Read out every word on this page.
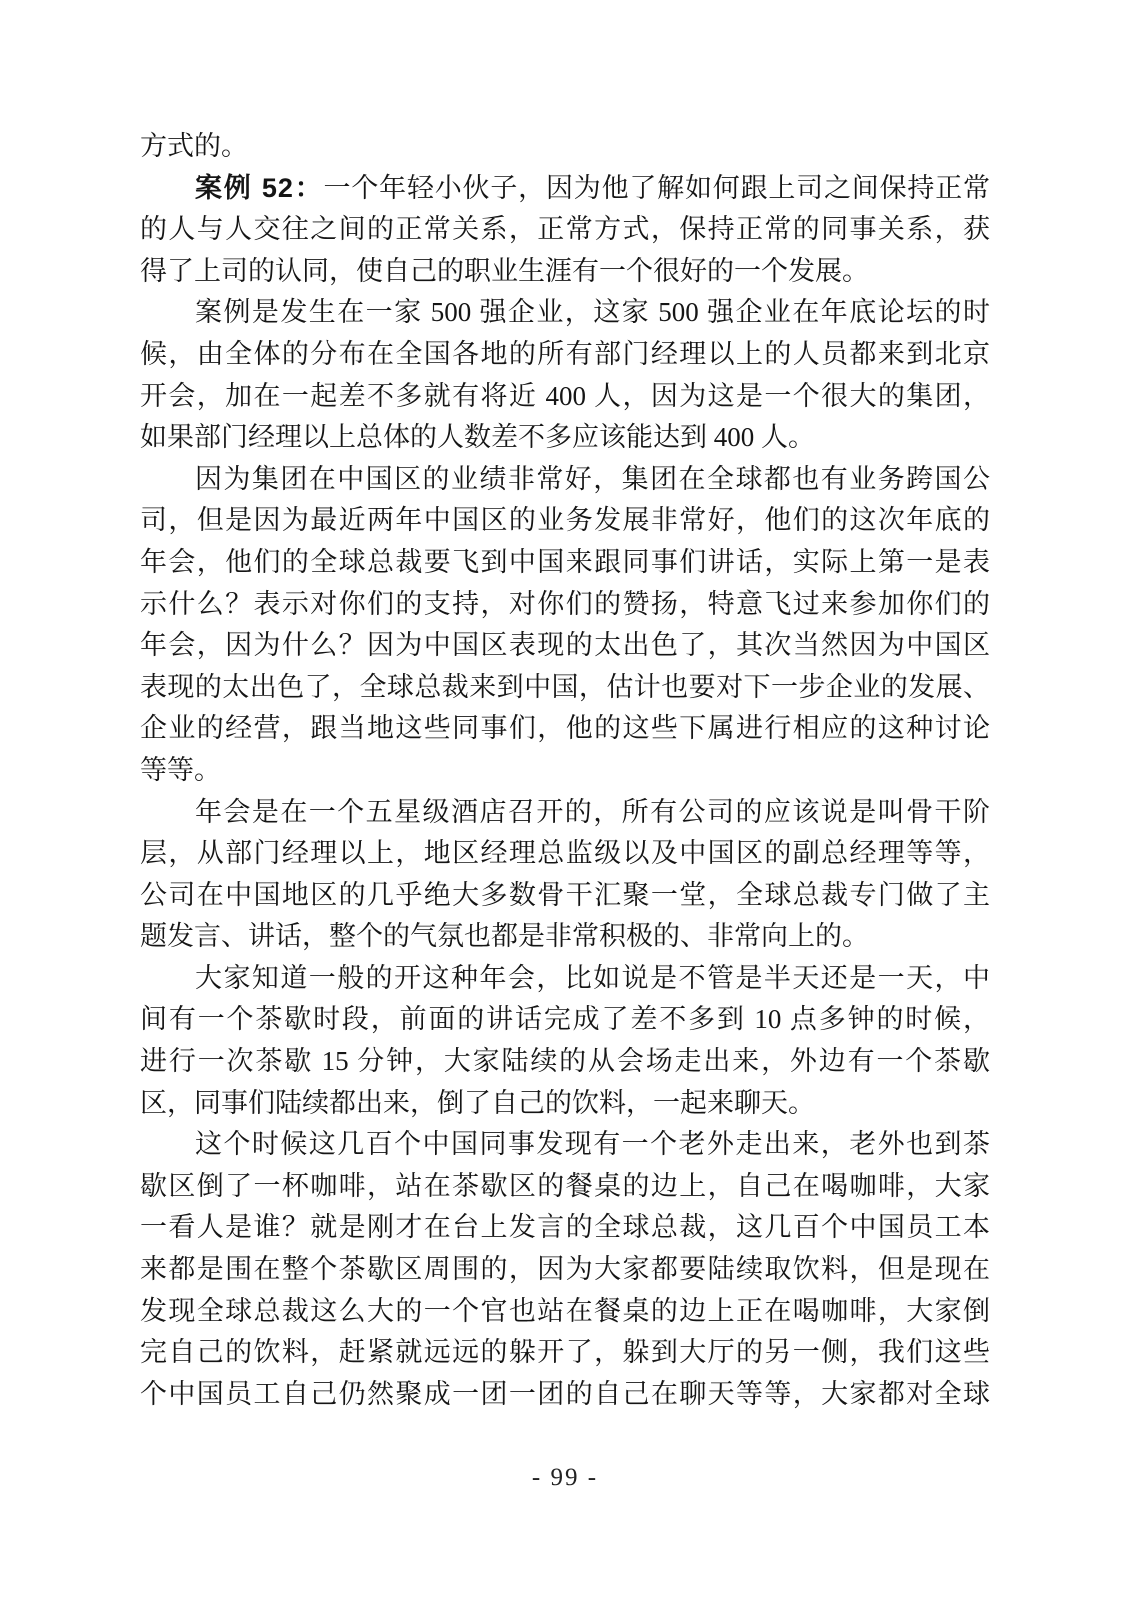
方式的。
案例 52：一个年轻小伙子，因为他了解如何跟上司之间保持正常
的人与人交往之间的正常关系，正常方式，保持正常的同事关系，获
得了上司的认同，使自己的职业生涯有一个很好的一个发展。
案例是发生在一家 500 强企业，这家 500 强企业在年底论坛的时
候，由全体的分布在全国各地的所有部门经理以上的人员都来到北京
开会，加在一起差不多就有将近 400 人，因为这是一个很大的集团，
如果部门经理以上总体的人数差不多应该能达到 400 人。
因为集团在中国区的业绩非常好，集团在全球都也有业务跨国公
司，但是因为最近两年中国区的业务发展非常好，他们的这次年底的
年会，他们的全球总裁要飞到中国来跟同事们讲话，实际上第一是表
示什么？表示对你们的支持，对你们的赞扬，特意飞过来参加你们的
年会，因为什么？因为中国区表现的太出色了，其次当然因为中国区
表现的太出色了，全球总裁来到中国，估计也要对下一步企业的发展、
企业的经营，跟当地这些同事们，他的这些下属进行相应的这种讨论
等等。
年会是在一个五星级酒店召开的，所有公司的应该说是叫骨干阶
层，从部门经理以上，地区经理总监级以及中国区的副总经理等等，
公司在中国地区的几乎绝大多数骨干汇聚一堂，全球总裁专门做了主
题发言、讲话，整个的气氛也都是非常积极的、非常向上的。
大家知道一般的开这种年会，比如说是不管是半天还是一天，中
间有一个茶歇时段，前面的讲话完成了差不多到 10 点多钟的时候，
进行一次茶歇 15 分钟，大家陆续的从会场走出来，外边有一个茶歇
区，同事们陆续都出来，倒了自己的饮料，一起来聊天。
这个时候这几百个中国同事发现有一个老外走出来，老外也到茶
歇区倒了一杯咖啡，站在茶歇区的餐桌的边上，自己在喝咖啡，大家
一看人是谁？就是刚才在台上发言的全球总裁，这几百个中国员工本
来都是围在整个茶歇区周围的，因为大家都要陆续取饮料，但是现在
发现全球总裁这么大的一个官也站在餐桌的边上正在喝咖啡，大家倒
完自己的饮料，赶紧就远远的躲开了，躲到大厅的另一侧，我们这些
个中国员工自己仍然聚成一团一团的自己在聊天等等，大家都对全球
- 99 -
